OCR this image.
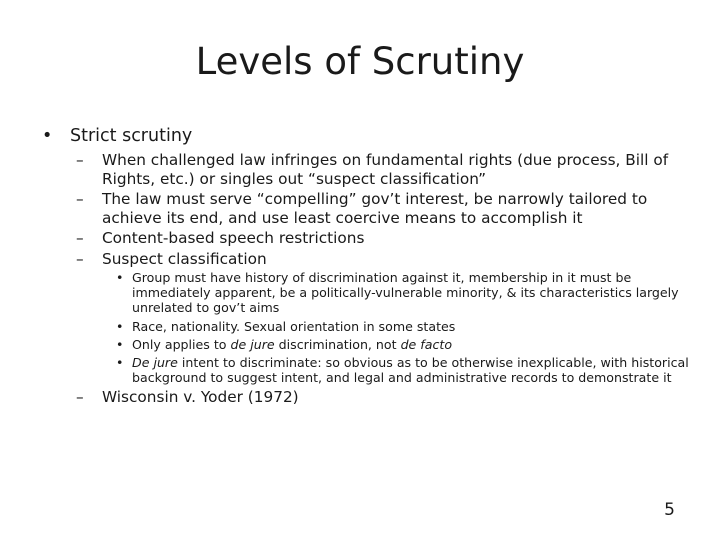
Levels of Scrutiny
• Strict scrutiny
– When challenged law infringes on fundamental rights (due process, Bill of Rights, etc.) or singles out “suspect classification”
– The law must serve “compelling” gov’t interest, be narrowly tailored to achieve its end, and use least coercive means to accomplish it
– Content-based speech restrictions
– Suspect classification
• Group must have history of discrimination against it, membership in it must be immediately apparent, be a politically-vulnerable minority, & its characteristics largely unrelated to gov’t aims
• Race, nationality. Sexual orientation in some states
• Only applies to de jure discrimination, not de facto
• De jure intent to discriminate: so obvious as to be otherwise inexplicable, with historical background to suggest intent, and legal and administrative records to demonstrate it
– Wisconsin v. Yoder (1972)
5
